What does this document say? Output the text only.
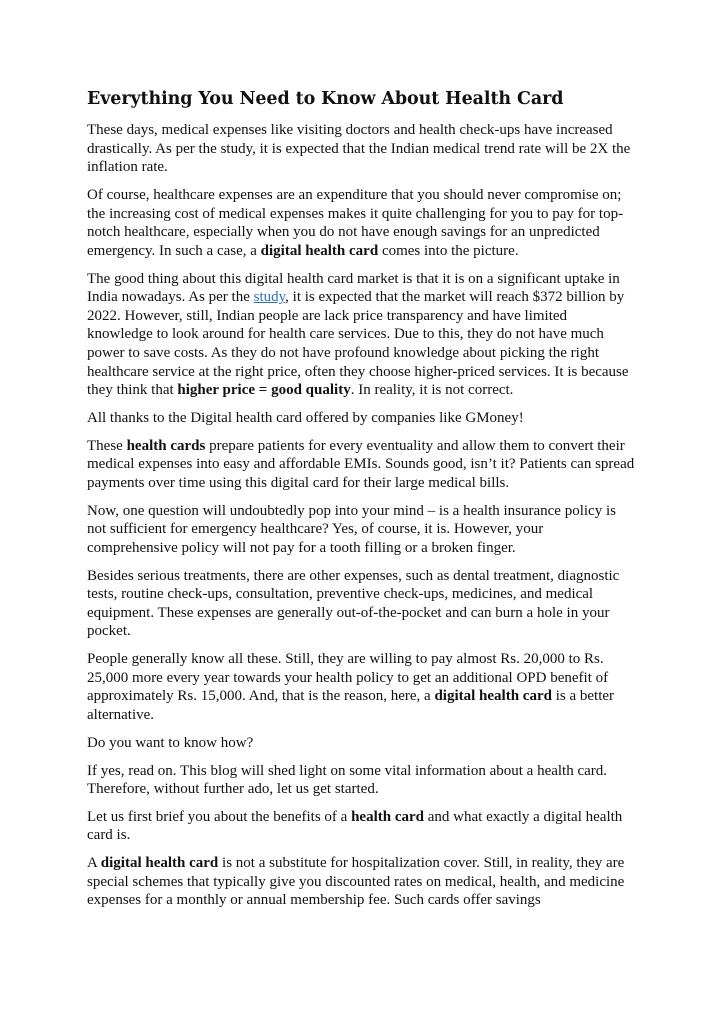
Everything You Need to Know About Health Card

These days, medical expenses like visiting doctors and health check-ups have increased drastically. As per the study, it is expected that the Indian medical trend rate will be 2X the inflation rate.

Of course, healthcare expenses are an expenditure that you should never compromise on; the increasing cost of medical expenses makes it quite challenging for you to pay for top-notch healthcare, especially when you do not have enough savings for an unpredicted emergency. In such a case, a digital health card comes into the picture.

The good thing about this digital health card market is that it is on a significant uptake in India nowadays. As per the study, it is expected that the market will reach $372 billion by 2022. However, still, Indian people are lack price transparency and have limited knowledge to look around for health care services. Due to this, they do not have much power to save costs. As they do not have profound knowledge about picking the right healthcare service at the right price, often they choose higher-priced services. It is because they think that higher price = good quality. In reality, it is not correct.

All thanks to the Digital health card offered by companies like GMoney!

These health cards prepare patients for every eventuality and allow them to convert their medical expenses into easy and affordable EMIs. Sounds good, isn’t it? Patients can spread payments over time using this digital card for their large medical bills.

Now, one question will undoubtedly pop into your mind – is a health insurance policy is not sufficient for emergency healthcare? Yes, of course, it is. However, your comprehensive policy will not pay for a tooth filling or a broken finger.

Besides serious treatments, there are other expenses, such as dental treatment, diagnostic tests, routine check-ups, consultation, preventive check-ups, medicines, and medical equipment. These expenses are generally out-of-the-pocket and can burn a hole in your pocket.

People generally know all these. Still, they are willing to pay almost Rs. 20,000 to Rs. 25,000 more every year towards your health policy to get an additional OPD benefit of approximately Rs. 15,000. And, that is the reason, here, a digital health card is a better alternative.

Do you want to know how?

If yes, read on. This blog will shed light on some vital information about a health card. Therefore, without further ado, let us get started.

Let us first brief you about the benefits of a health card and what exactly a digital health card is.

A digital health card is not a substitute for hospitalization cover. Still, in reality, they are special schemes that typically give you discounted rates on medical, health, and medicine expenses for a monthly or annual membership fee. Such cards offer savings
